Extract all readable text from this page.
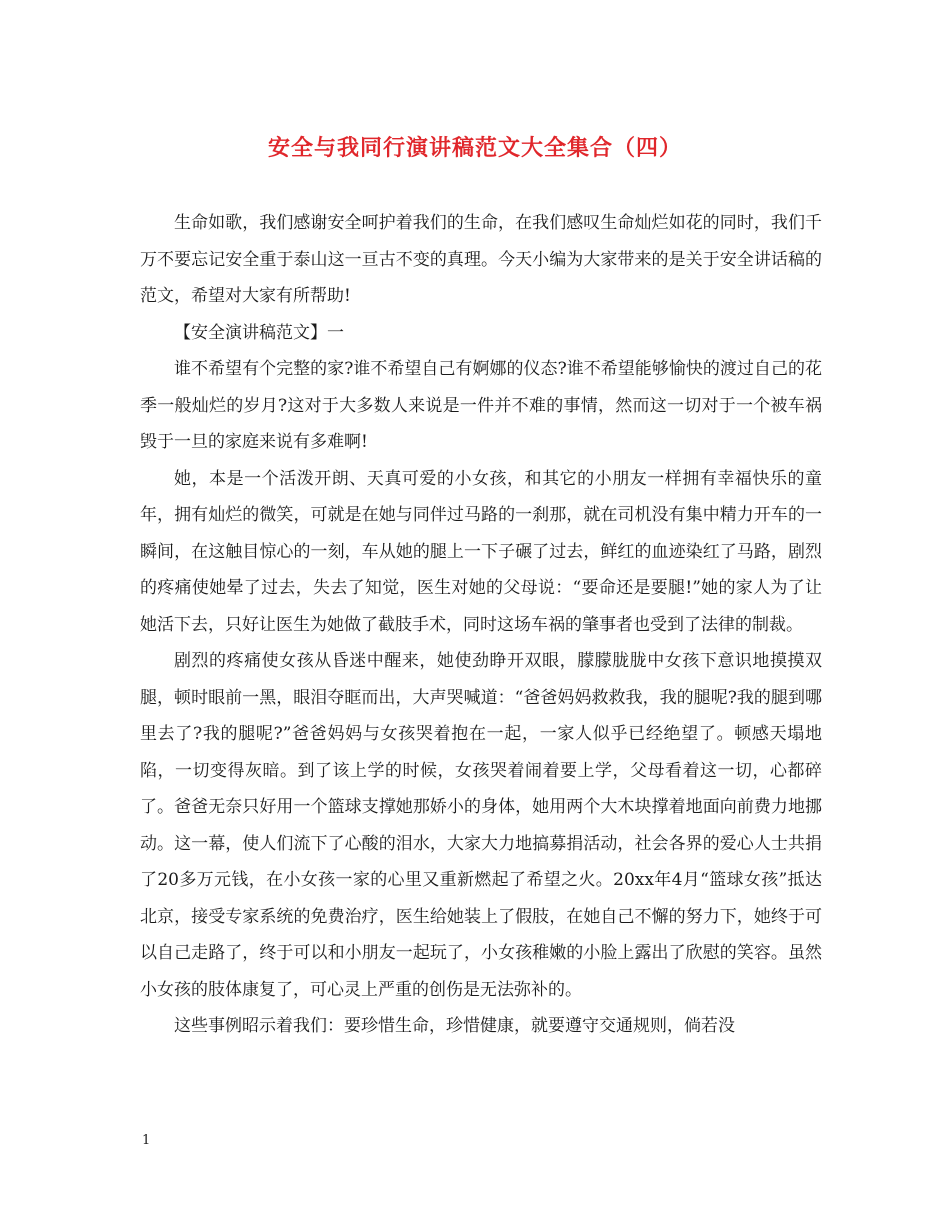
安全与我同行演讲稿范文大全集合（四）

生命如歌，我们感谢安全呵护着我们的生命，在我们感叹生命灿烂如花的同时，我们千万不要忘记安全重于泰山这一亘古不变的真理。今天小编为大家带来的是关于安全讲话稿的范文，希望对大家有所帮助!

【安全演讲稿范文】一

谁不希望有个完整的家?谁不希望自己有婀娜的仪态?谁不希望能够愉快的渡过自己的花季一般灿烂的岁月?这对于大多数人来说是一件并不难的事情，然而这一切对于一个被车祸毁于一旦的家庭来说有多难啊!

她，本是一个活泼开朗、天真可爱的小女孩，和其它的小朋友一样拥有幸福快乐的童年，拥有灿烂的微笑，可就是在她与同伴过马路的一刹那，就在司机没有集中精力开车的一瞬间，在这触目惊心的一刻，车从她的腿上一下子碾了过去，鲜红的血迹染红了马路，剧烈的疼痛使她晕了过去，失去了知觉，医生对她的父母说：“要命还是要腿!”她的家人为了让她活下去，只好让医生为她做了截肢手术，同时这场车祸的肇事者也受到了法律的制裁。

剧烈的疼痛使女孩从昏迷中醒来，她使劲睁开双眼，朦朦胧胧中女孩下意识地摸摸双腿，顿时眼前一黑，眼泪夺眶而出，大声哭喊道：“爸爸妈妈救救我，我的腿呢?我的腿到哪里去了?我的腿呢?”爸爸妈妈与女孩哭着抱在一起，一家人似乎已经绝望了。顿感天塌地陷，一切变得灰暗。到了该上学的时候，女孩哭着闹着要上学，父母看着这一切，心都碎了。爸爸无奈只好用一个篮球支撑她那娇小的身体，她用两个大木块撑着地面向前费力地挪动。这一幕，使人们流下了心酸的泪水，大家大力地搞募捐活动，社会各界的爱心人士共捐了20多万元钱，在小女孩一家的心里又重新燃起了希望之火。20xx年4月“篮球女孩”抵达北京，接受专家系统的免费治疗，医生给她装上了假肢，在她自己不懈的努力下，她终于可以自己走路了，终于可以和小朋友一起玩了，小女孩稚嫩的小脸上露出了欣慰的笑容。虽然小女孩的肢体康复了，可心灵上严重的创伤是无法弥补的。

这些事例昭示着我们：要珍惜生命，珍惜健康，就要遵守交通规则，倘若没

1
